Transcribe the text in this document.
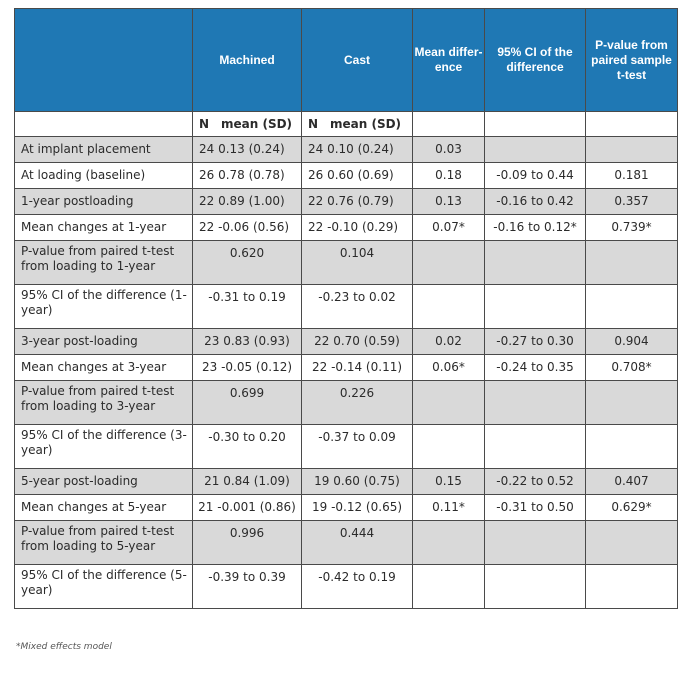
	Machined	Cast	Mean differ-ence	95% CI of the difference	P-value from paired sample t-test
	N mean (SD)	N mean (SD)			
At implant placement	24 0.13 (0.24)	24 0.10 (0.24)	0.03		
At loading (baseline)	26 0.78 (0.78)	26 0.60 (0.69)	0.18	-0.09 to 0.44	0.181
1-year postloading	22 0.89 (1.00)	22 0.76 (0.79)	0.13	-0.16 to 0.42	0.357
Mean changes at 1-year	22 -0.06 (0.56)	22 -0.10 (0.29)	0.07*	-0.16 to 0.12*	0.739*
P-value from paired t-test from loading to 1-year	0.620	0.104			
95% CI of the difference (1-year)	-0.31 to 0.19	-0.23 to 0.02			
3-year post-loading	23 0.83 (0.93)	22 0.70 (0.59)	0.02	-0.27 to 0.30	0.904
Mean changes at 3-year	23 -0.05 (0.12)	22 -0.14 (0.11)	0.06*	-0.24 to 0.35	0.708*
P-value from paired t-test from loading to 3-year	0.699	0.226			
95% CI of the difference (3-year)	-0.30 to 0.20	-0.37 to 0.09			
5-year post-loading	21 0.84 (1.09)	19 0.60 (0.75)	0.15	-0.22 to 0.52	0.407
Mean changes at 5-year	21 -0.001 (0.86)	19 -0.12 (0.65)	0.11*	-0.31 to 0.50	0.629*
P-value from paired t-test from loading to 5-year	0.996	0.444			
95% CI of the difference (5-year)	-0.39 to 0.39	-0.42 to 0.19			
*Mixed effects model
